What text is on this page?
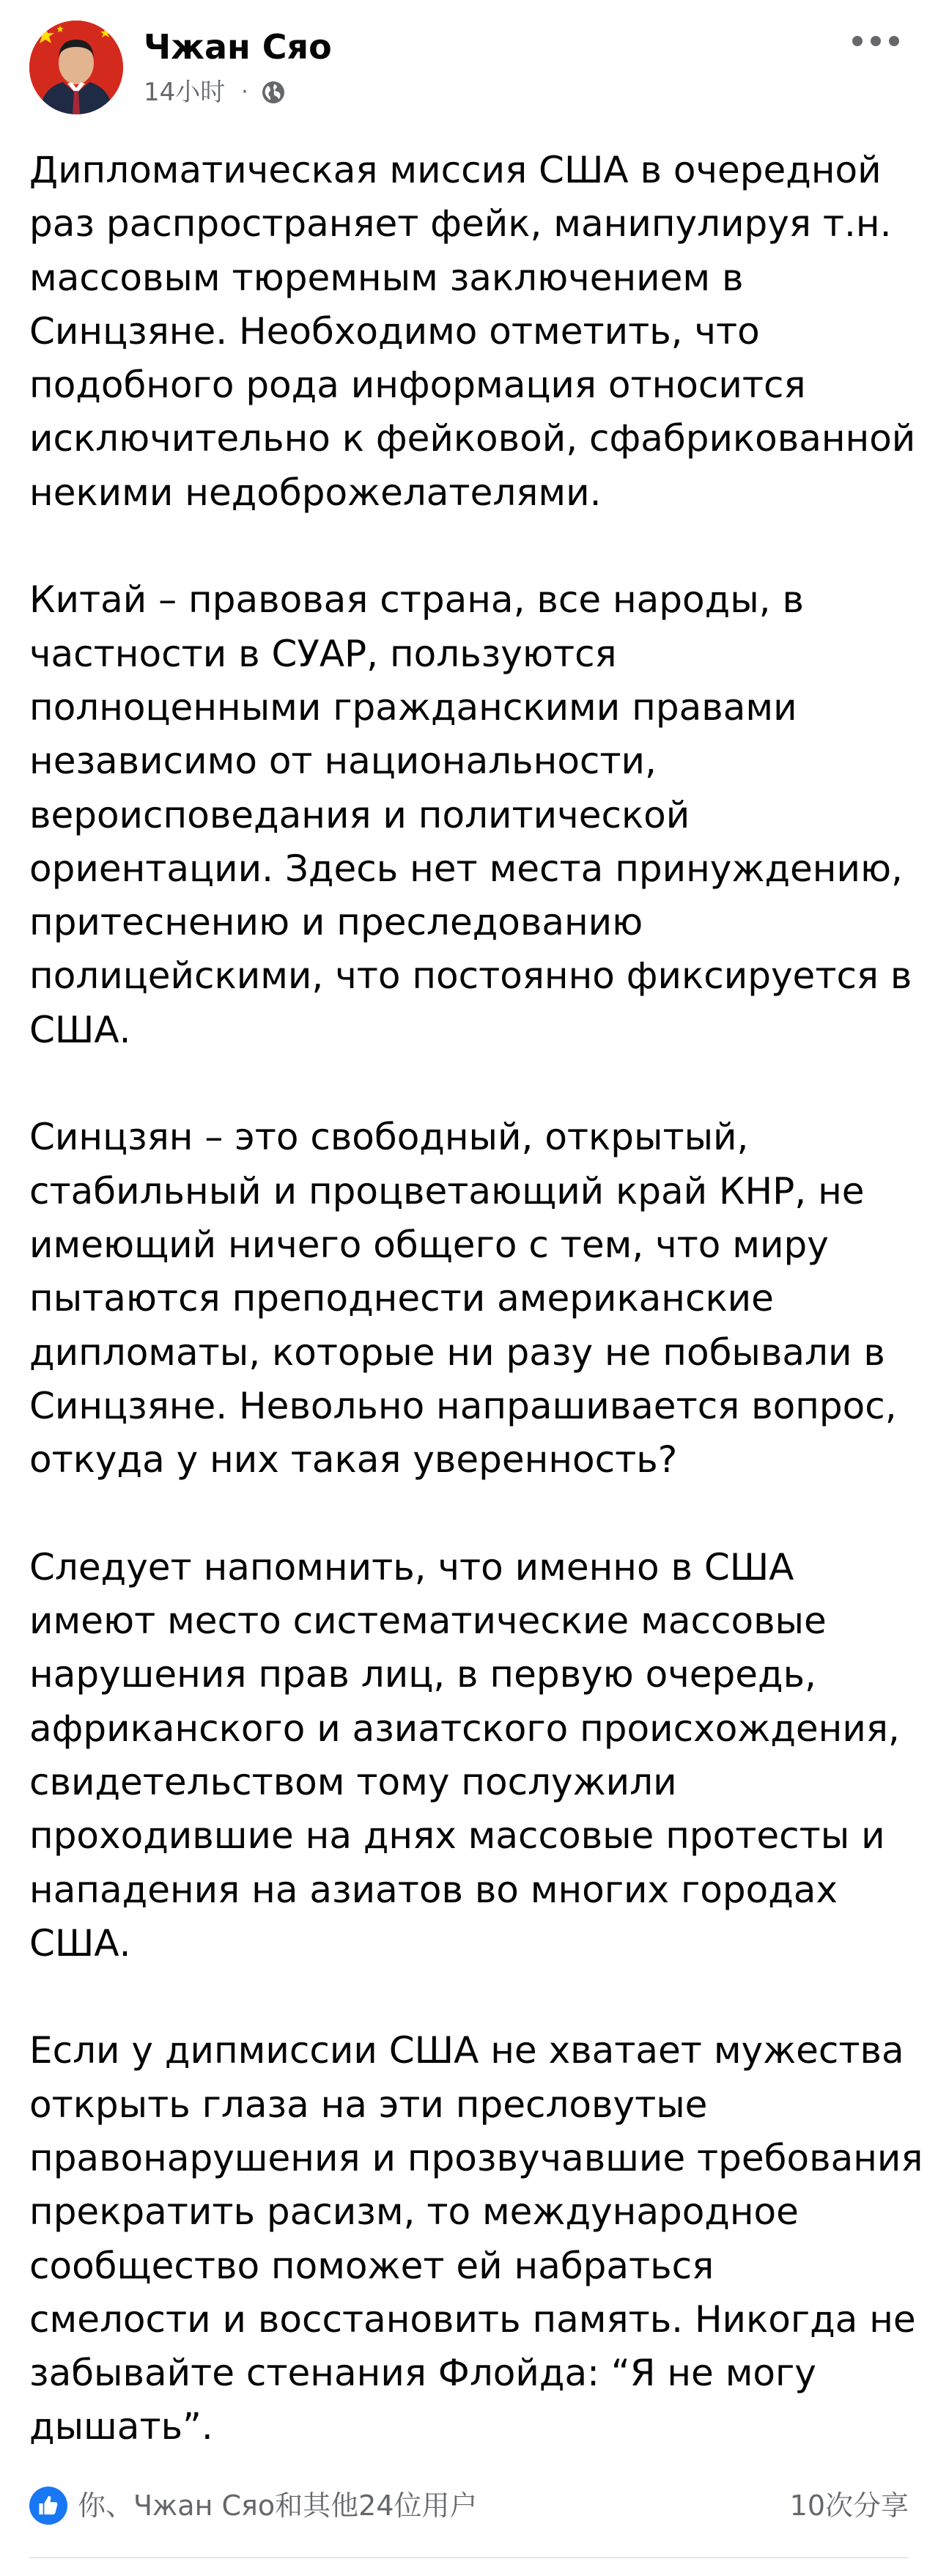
Чжан Сяо
14小时 ·
Дипломатическая миссия США в очередной
раз распространяет фейк, манипулируя т.н.
массовым тюремным заключением в
Синцзяне. Необходимо отметить, что
подобного рода информация относится
исключительно к фейковой, сфабрикованной
некими недоброжелателями.
Китай – правовая страна, все народы, в
частности в СУАР, пользуются
полноценными гражданскими правами
независимо от национальности,
вероисповедания и политической
ориентации. Здесь нет места принуждению,
притеснению и преследованию
полицейскими, что постоянно фиксируется в
США.
Синцзян – это свободный, открытый,
стабильный и процветающий край КНР, не
имеющий ничего общего с тем, что миру
пытаются преподнести американские
дипломаты, которые ни разу не побывали в
Синцзяне. Невольно напрашивается вопрос,
откуда у них такая уверенность?
Следует напомнить, что именно в США
имеют место систематические массовые
нарушения прав лиц, в первую очередь,
африканского и азиатского происхождения,
свидетельством тому послужили
проходившие на днях массовые протесты и
нападения на азиатов во многих городах
США.
Если у дипмиссии США не хватает мужества
открыть глаза на эти пресловутые
правонарушения и прозвучавшие требования
прекратить расизм, то международное
сообщество поможет ей набраться
смелости и восстановить память. Никогда не
забывайте стенания Флойда: “Я не могу
дышать”.
你、Чжан Сяо和其他24位用户	10次分享
